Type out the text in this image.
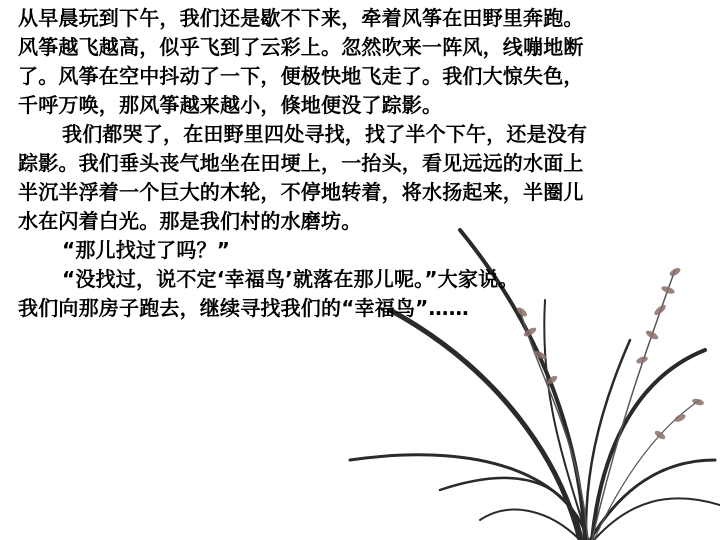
从早晨玩到下午，我们还是歇不下来，牵着风筝在田野里奔跑。
风筝越飞越高，似乎飞到了云彩上。忽然吹来一阵风，线嘣地断
了。风筝在空中抖动了一下，便极快地飞走了。我们大惊失色，
千呼万唤，那风筝越来越小，倏地便没了踪影。
我们都哭了，在田野里四处寻找，找了半个下午，还是没有
踪影。我们垂头丧气地坐在田埂上，一抬头，看见远远的水面上
半沉半浮着一个巨大的木轮，不停地转着，将水扬起来，半圈儿
水在闪着白光。那是我们村的水磨坊。
“那儿找过了吗？”
“没找过，说不定‘幸福鸟’就落在那儿呢。”大家说。
我们向那房子跑去，继续寻找我们的“幸福鸟”……
